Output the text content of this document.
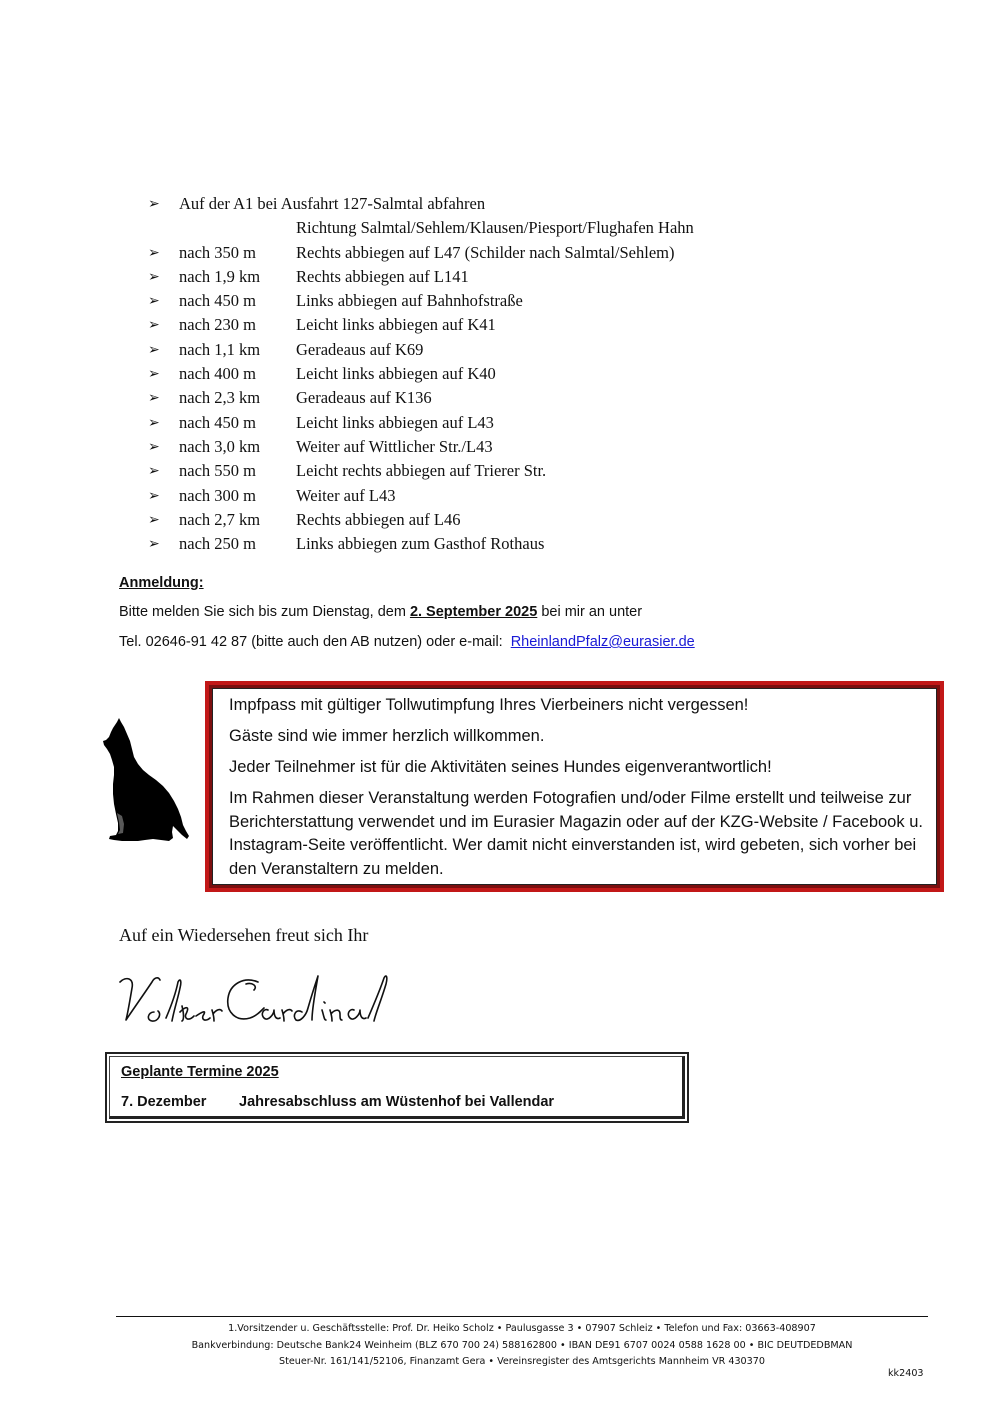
➢ Auf der A1 bei Ausfahrt 127-Salmtal abfahren
Richtung Salmtal/Sehlem/Klausen/Piesport/Flughafen Hahn
➢ nach 350 m Rechts abbiegen auf L47 (Schilder nach Salmtal/Sehlem)
➢ nach 1,9 km Rechts abbiegen auf L141
➢ nach 450 m Links abbiegen auf Bahnhofstraße
➢ nach 230 m Leicht links abbiegen auf K41
➢ nach 1,1 km Geradeaus auf K69
➢ nach 400 m Leicht links abbiegen auf K40
➢ nach 2,3 km Geradeaus auf K136
➢ nach 450 m Leicht links abbiegen auf L43
➢ nach 3,0 km Weiter auf Wittlicher Str./L43
➢ nach 550 m Leicht rechts abbiegen auf Trierer Str.
➢ nach 300 m Weiter auf L43
➢ nach 2,7 km Rechts abbiegen auf L46
➢ nach 250 m Links abbiegen zum Gasthof Rothaus
Anmeldung:
Bitte melden Sie sich bis zum Dienstag, dem 2. September 2025 bei mir an unter
Tel. 02646-91 42 87 (bitte auch den AB nutzen) oder e-mail: RheinlandPfalz@eurasier.de

Impfpass mit gültiger Tollwutimpfung Ihres Vierbeiners nicht vergessen!

Gäste sind wie immer herzlich willkommen.

Jeder Teilnehmer ist für die Aktivitäten seines Hundes eigenverantwortlich!

Im Rahmen dieser Veranstaltung werden Fotografien und/oder Filme erstellt und teilweise zur Berichterstattung verwendet und im Eurasier Magazin oder auf der KZG-Website / Facebook u. Instagram-Seite veröffentlicht. Wer damit nicht einverstanden ist, wird gebeten, sich vorher bei den Veranstaltern zu melden.

Auf ein Wiedersehen freut sich Ihr
Geplante Termine 2025
7. Dezember Jahresabschluss am Wüstenhof bei Vallendar
1.Vorsitzender u. Geschäftsstelle: Prof. Dr. Heiko Scholz • Paulusgasse 3 • 07907 Schleiz • Telefon und Fax: 03663-408907
Bankverbindung: Deutsche Bank24 Weinheim (BLZ 670 700 24) 588162800 • IBAN DE91 6707 0024 0588 1628 00 • BIC DEUTDEDBMAN
Steuer-Nr. 161/141/52106, Finanzamt Gera • Vereinsregister des Amtsgerichts Mannheim VR 430370
kk2403
